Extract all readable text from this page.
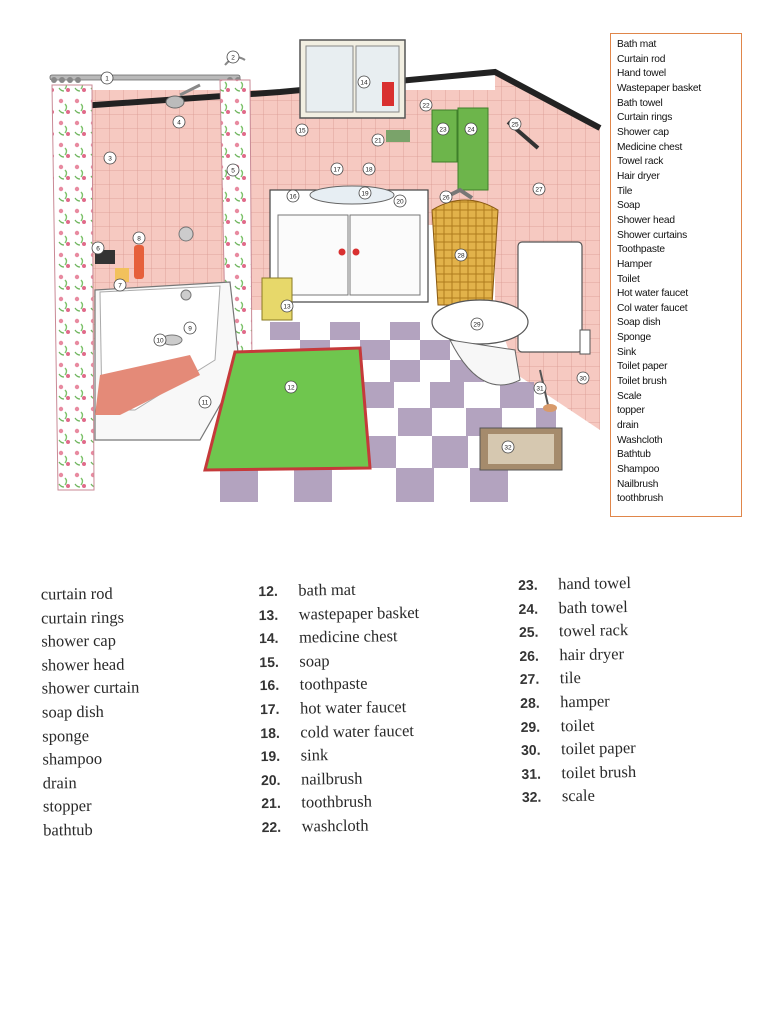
1
2
3
4
5
6
7
8
9
10
11
12
13
14
15
16
17	18
19
20
21
22
23	24
25
26
27
28
29
30
31
32
Bath mat
Curtain rod
Hand towel
Wastepaper basket
Bath towel
Curtain rings
Shower cap
Medicine chest
Towel rack
Hair dryer
Tile
Soap
Shower head
Shower curtains
Toothpaste
Hamper
Toilet
Hot water faucet
Col water faucet
Soap dish
Sponge
Sink
Toilet paper
Toilet brush
Scale
topper
drain
Washcloth
Bathtub
Shampoo
Nailbrush
toothbrush
curtain rod
curtain rings
shower cap
shower head
shower curtain
soap dish
sponge
shampoo
drain
stopper
bathtub
12. bath mat
13. wastepaper basket
14. medicine chest
15. soap
16. toothpaste
17. hot water faucet
18. cold water faucet
19. sink
20. nailbrush
21. toothbrush
22. washcloth
23. hand towel
24. bath towel
25. towel rack
26. hair dryer
27. tile
28. hamper
29. toilet
30. toilet paper
31. toilet brush
32. scale
